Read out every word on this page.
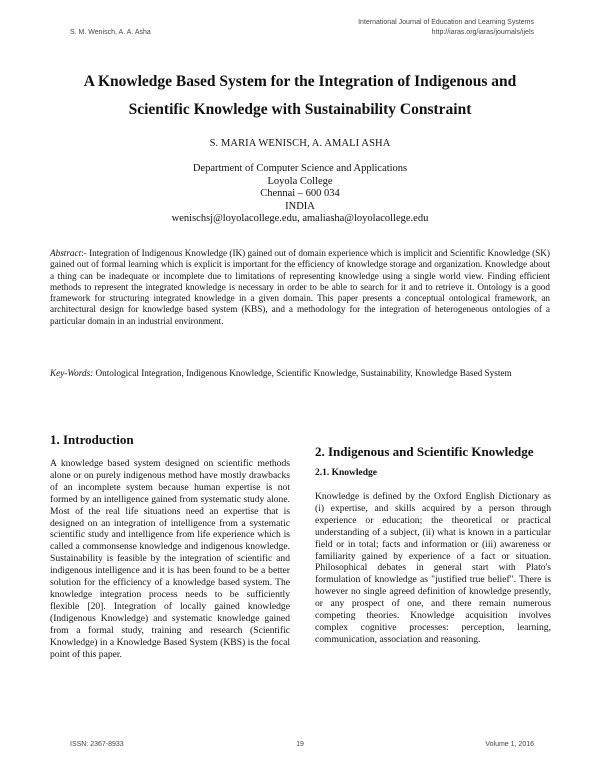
S. M. Wenisch, A. A. Asha
International Journal of Education and Learning Systems
http://iaras.org/iaras/journals/ijels
A Knowledge Based System for the Integration of Indigenous and
Scientific Knowledge with Sustainability Constraint
S. MARIA WENISCH, A. AMALI ASHA
Department of Computer Science and Applications
Loyola College
Chennai – 600 034
INDIA
wenischsj@loyolacollege.edu, amaliasha@loyolacollege.edu

Abstract:- Integration of Indigenous Knowledge (IK) gained out of domain experience which is implicit and Scientific Knowledge (SK) gained out of formal learning which is explicit is important for the efficiency of knowledge storage and organization. Knowledge about a thing can be inadequate or incomplete due to limitations of representing knowledge using a single world view. Finding efficient methods to represent the integrated knowledge is necessary in order to be able to search for it and to retrieve it. Ontology is a good framework for structuring integrated knowledge in a given domain. This paper presents a conceptual ontological framework, an architectural design for knowledge based system (KBS), and a methodology for the integration of heterogeneous ontologies of a particular domain in an industrial environment.

Key-Words: Ontological Integration, Indigenous Knowledge, Scientific Knowledge, Sustainability, Knowledge Based System

1. Introduction

A knowledge based system designed on scientific methods alone or on purely indigenous method have mostly drawbacks of an incomplete system because human expertise is not formed by an intelligence gained from systematic study alone. Most of the real life situations need an expertise that is designed on an integration of intelligence from a systematic scientific study and intelligence from life experience which is called a commonsense knowledge and indigenous knowledge. Sustainability is feasible by the integration of scientific and indigenous intelligence and it is has been found to be a better solution for the efficiency of a knowledge based system. The knowledge integration process needs to be sufficiently flexible [20]. Integration of locally gained knowledge (Indigenous Knowledge) and systematic knowledge gained from a formal study, training and research (Scientific Knowledge) in a Knowledge Based System (KBS) is the focal point of this paper.

2. Indigenous and Scientific Knowledge
2.1. Knowledge

Knowledge is defined by the Oxford English Dictionary as (i) expertise, and skills acquired by a person through experience or education; the theoretical or practical understanding of a subject, (ii) what is known in a particular field or in total; facts and information or (iii) awareness or familiarity gained by experience of a fact or situation. Philosophical debates in general start with Plato's formulation of knowledge as "justified true belief". There is however no single agreed definition of knowledge presently, or any prospect of one, and there remain numerous competing theories. Knowledge acquisition involves complex cognitive processes: perception, learning, communication, association and reasoning.

ISSN: 2367-8933	19	Volume 1, 2016
